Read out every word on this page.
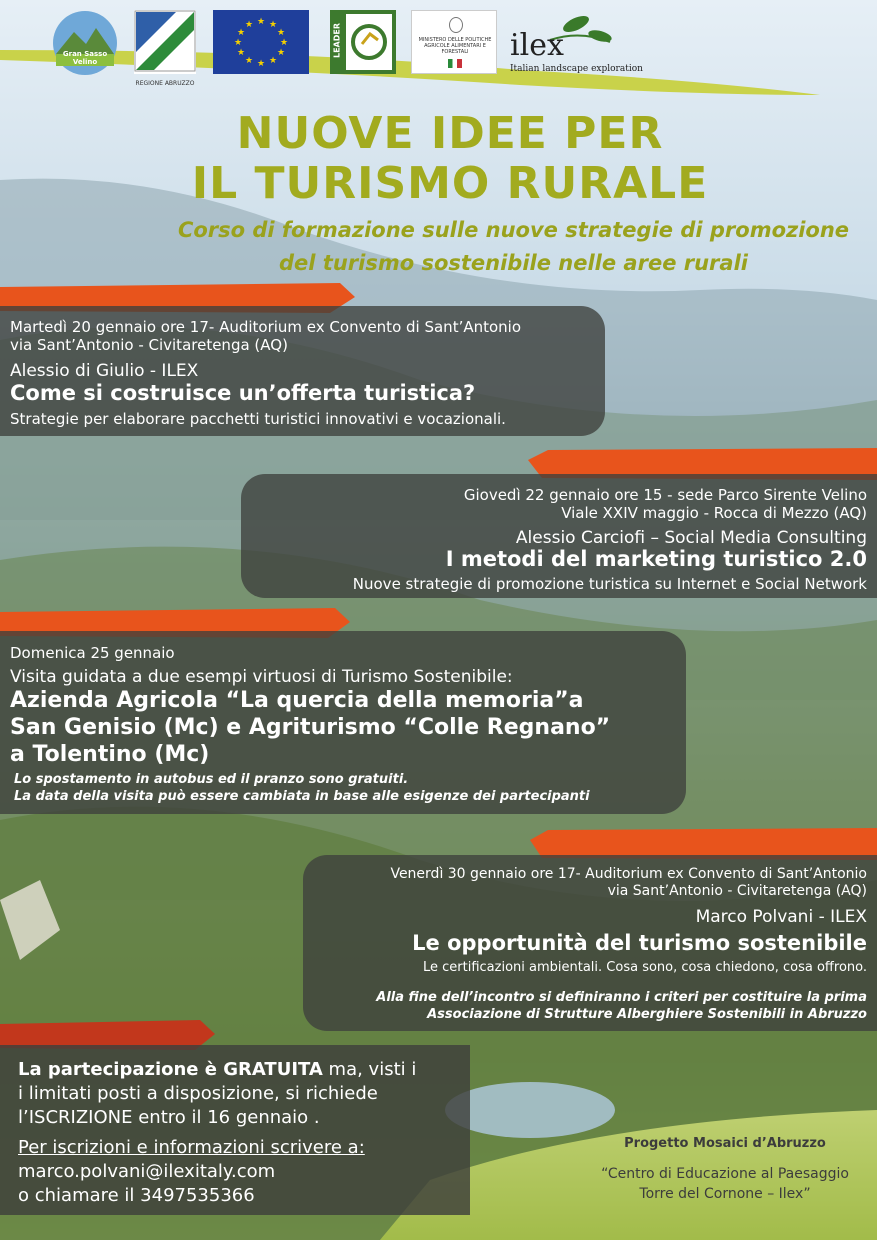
Gran Sasso Velino
REGIONE ABRUZZO
★ ★
★
★
★
★
★
★
★
★
★
★	LEADER	MINISTERO DELLE POLITICHE AGRICOLE ALIMENTARI E FORESTALI	ilex
Italian landscape exploration
NUOVE IDEE PER
IL TURISMO RURALE
Corso di formazione sulle nuove strategie di promozione
del turismo sostenibile nelle aree rurali
Martedì 20 gennaio ore 17- Auditorium ex Convento di Sant’Antonio
via Sant’Antonio - Civitaretenga (AQ)
Alessio di Giulio - ILEX
Come si costruisce un’offerta turistica?
Strategie per elaborare pacchetti turistici innovativi e vocazionali.
Giovedì 22 gennaio ore 15 - sede Parco Sirente Velino
Viale XXIV maggio - Rocca di Mezzo (AQ)
Alessio Carciofi – Social Media Consulting
I metodi del marketing turistico 2.0
Nuove strategie di promozione turistica su Internet e Social Network
Domenica 25 gennaio
Visita guidata a due esempi virtuosi di Turismo Sostenibile:
Azienda Agricola “La quercia della memoria”a
San Genisio (Mc) e Agriturismo “Colle Regnano”
a Tolentino (Mc)
Lo spostamento in autobus ed il pranzo sono gratuiti.
La data della visita può essere cambiata in base alle esigenze dei partecipanti
Venerdì 30 gennaio ore 17- Auditorium ex Convento di Sant’Antonio
via Sant’Antonio - Civitaretenga (AQ)
Marco Polvani - ILEX
Le opportunità del turismo sostenibile
Le certificazioni ambientali. Cosa sono, cosa chiedono, cosa offrono.
Alla fine dell’incontro si definiranno i criteri per costituire la prima
Associazione di Strutture Alberghiere Sostenibili in Abruzzo
La partecipazione è GRATUITA ma, visti i
i limitati posti a disposizione, si richiede
l’ISCRIZIONE entro il 16 gennaio .
Per iscrizioni e informazioni scrivere a:
marco.polvani@ilexitaly.com
o chiamare il 3497535366
Progetto Mosaici d’Abruzzo
“Centro di Educazione al Paesaggio
Torre del Cornone – Ilex”
